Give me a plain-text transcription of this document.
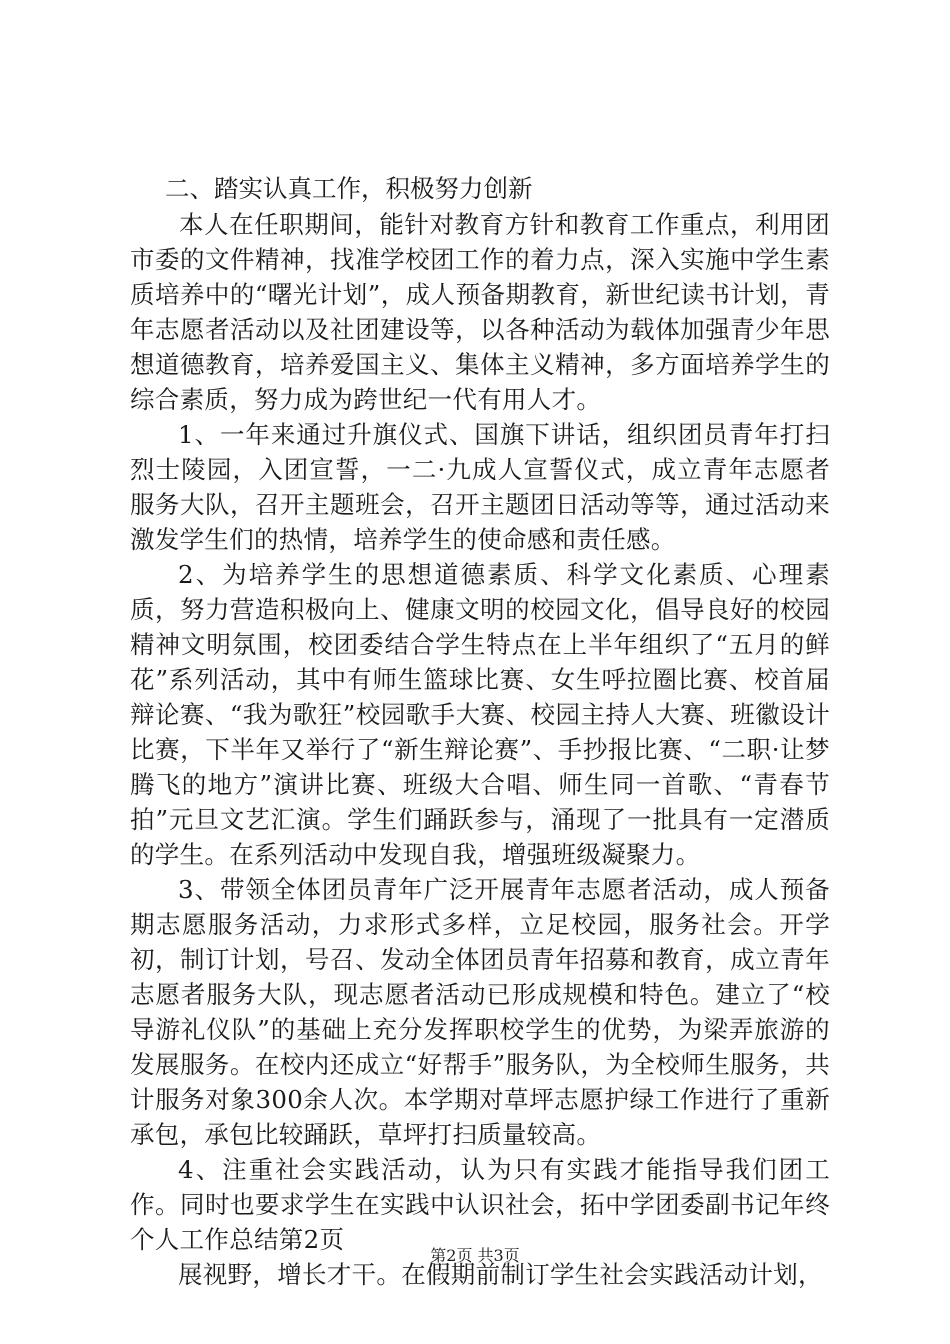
二、踏实认真工作，积极努力创新

本人在任职期间，能针对教育方针和教育工作重点，利用团市委的文件精神，找准学校团工作的着力点，深入实施中学生素质培养中的“曙光计划”，成人预备期教育，新世纪读书计划，青年志愿者活动以及社团建设等，以各种活动为载体加强青少年思想道德教育，培养爱国主义、集体主义精神，多方面培养学生的综合素质，努力成为跨世纪一代有用人才。

1、一年来通过升旗仪式、国旗下讲话，组织团员青年打扫烈士陵园，入团宣誓，一二·九成人宣誓仪式，成立青年志愿者服务大队，召开主题班会，召开主题团日活动等等，通过活动来激发学生们的热情，培养学生的使命感和责任感。

2、为培养学生的思想道德素质、科学文化素质、心理素质，努力营造积极向上、健康文明的校园文化，倡导良好的校园精神文明氛围，校团委结合学生特点在上半年组织了“五月的鲜花”系列活动，其中有师生篮球比赛、女生呼拉圈比赛、校首届辩论赛、“我为歌狂”校园歌手大赛、校园主持人大赛、班徽设计比赛，下半年又举行了“新生辩论赛”、手抄报比赛、“二职·让梦腾飞的地方”演讲比赛、班级大合唱、师生同一首歌、“青春节拍”元旦文艺汇演。学生们踊跃参与，涌现了一批具有一定潜质的学生。在系列活动中发现自我，增强班级凝聚力。

3、带领全体团员青年广泛开展青年志愿者活动，成人预备期志愿服务活动，力求形式多样，立足校园，服务社会。开学初，制订计划，号召、发动全体团员青年招募和教育，成立青年志愿者服务大队，现志愿者活动已形成规模和特色。建立了“校导游礼仪队”的基础上充分发挥职校学生的优势，为梁弄旅游的发展服务。在校内还成立“好帮手”服务队，为全校师生服务，共计服务对象300余人次。本学期对草坪志愿护绿工作进行了重新承包，承包比较踊跃，草坪打扫质量较高。

4、注重社会实践活动，认为只有实践才能指导我们团工作。同时也要求学生在实践中认识社会，拓中学团委副书记年终个人工作总结第2页

展视野，增长才干。在假期前制订学生社会实践活动计划，

第2页 共3页
